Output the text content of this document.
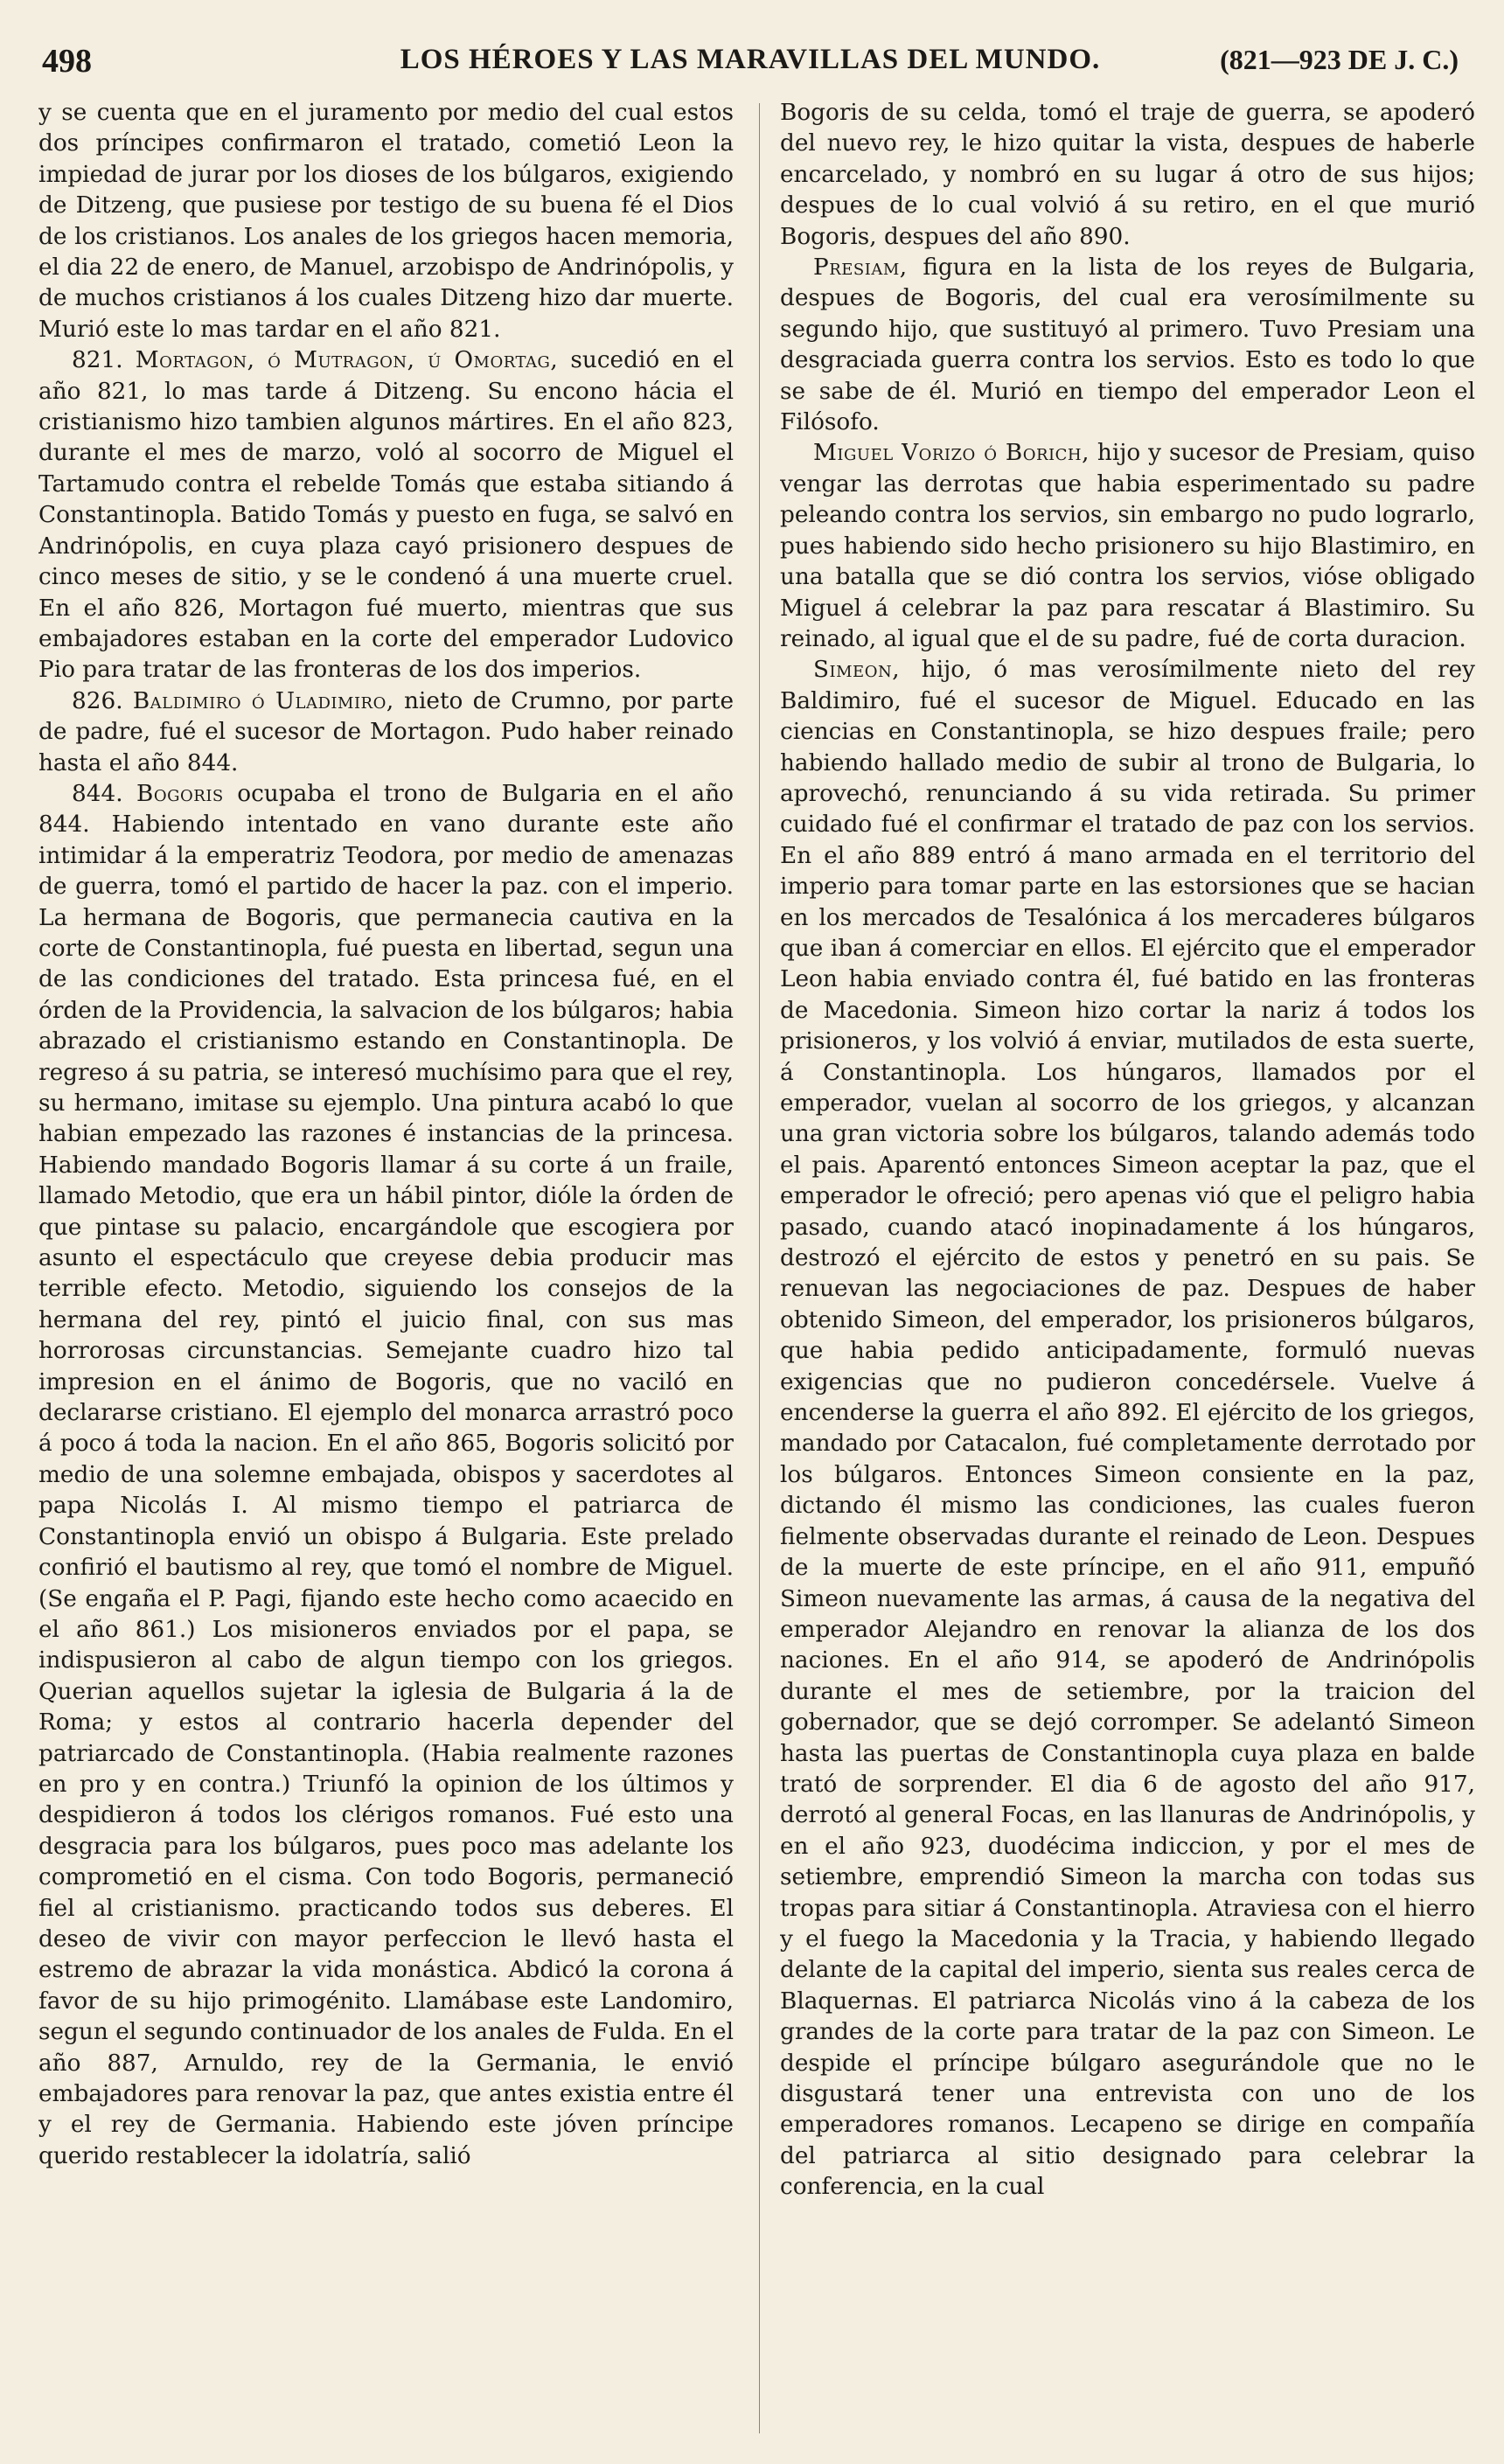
498	LOS HÉROES Y LAS MARAVILLAS DEL MUNDO.	(821—923 DE J. C.)

y se cuenta que en el juramento por medio del cual estos dos príncipes confirmaron el tratado, cometió Leon la impiedad de jurar por los dioses de los búlgaros, exigiendo de Ditzeng, que pusiese por testigo de su buena fé el Dios de los cristianos. Los anales de los griegos hacen memoria, el dia 22 de enero, de Manuel, arzobispo de Andrinópolis, y de muchos cristianos á los cuales Ditzeng hizo dar muerte. Murió este lo mas tardar en el año 821.

821. Mortagon, ó Mutragon, ú Omortag, sucedió en el año 821, lo mas tarde á Ditzeng. Su encono hácia el cristianismo hizo tambien algunos mártires. En el año 823, durante el mes de marzo, voló al socorro de Miguel el Tartamudo contra el rebelde Tomás que estaba sitiando á Constantinopla. Batido Tomás y puesto en fuga, se salvó en Andrinópolis, en cuya plaza cayó prisionero despues de cinco meses de sitio, y se le condenó á una muerte cruel. En el año 826, Mortagon fué muerto, mientras que sus embajadores estaban en la corte del emperador Ludovico Pio para tratar de las fronteras de los dos imperios.

826. Baldimiro ó Uladimiro, nieto de Crumno, por parte de padre, fué el sucesor de Mortagon. Pudo haber reinado hasta el año 844.

844. Bogoris ocupaba el trono de Bulgaria en el año 844. Habiendo intentado en vano durante este año intimidar á la emperatriz Teodora, por medio de amenazas de guerra, tomó el partido de hacer la paz. con el imperio. La hermana de Bogoris, que permanecia cautiva en la corte de Constantinopla, fué puesta en libertad, segun una de las condiciones del tratado. Esta princesa fué, en el órden de la Providencia, la salvacion de los búlgaros; habia abrazado el cristianismo estando en Constantinopla. De regreso á su patria, se interesó muchísimo para que el rey, su hermano, imitase su ejemplo. Una pintura acabó lo que habian empezado las razones é instancias de la princesa. Habiendo mandado Bogoris llamar á su corte á un fraile, llamado Metodio, que era un hábil pintor, dióle la órden de que pintase su palacio, encargándole que escogiera por asunto el espectáculo que creyese debia producir mas terrible efecto. Metodio, siguiendo los consejos de la hermana del rey, pintó el juicio final, con sus mas horrorosas circunstancias. Semejante cuadro hizo tal impresion en el ánimo de Bogoris, que no vaciló en declararse cristiano. El ejemplo del monarca arrastró poco á poco á toda la nacion. En el año 865, Bogoris solicitó por medio de una solemne embajada, obispos y sacerdotes al papa Nicolás I. Al mismo tiempo el patriarca de Constantinopla envió un obispo á Bulgaria. Este prelado confirió el bautismo al rey, que tomó el nombre de Miguel. (Se engaña el P. Pagi, fijando este hecho como acaecido en el año 861.) Los misioneros enviados por el papa, se indispusieron al cabo de algun tiempo con los griegos. Querian aquellos sujetar la iglesia de Bulgaria á la de Roma; y estos al contrario hacerla depender del patriarcado de Constantinopla. (Habia realmente razones en pro y en contra.) Triunfó la opinion de los últimos y despidieron á todos los clérigos romanos. Fué esto una desgracia para los búlgaros, pues poco mas adelante los comprometió en el cisma. Con todo Bogoris, permaneció fiel al cristianismo. practicando todos sus deberes. El deseo de vivir con mayor perfeccion le llevó hasta el estremo de abrazar la vida monástica. Abdicó la corona á favor de su hijo primogénito. Llamábase este Landomiro, segun el segundo continuador de los anales de Fulda. En el año 887, Arnuldo, rey de la Germania, le envió embajadores para renovar la paz, que antes existia entre él y el rey de Germania. Habiendo este jóven príncipe querido restablecer la idolatría, salió

Bogoris de su celda, tomó el traje de guerra, se apoderó del nuevo rey, le hizo quitar la vista, despues de haberle encarcelado, y nombró en su lugar á otro de sus hijos; despues de lo cual volvió á su retiro, en el que murió Bogoris, despues del año 890.

Presiam, figura en la lista de los reyes de Bulgaria, despues de Bogoris, del cual era verosímilmente su segundo hijo, que sustituyó al primero. Tuvo Presiam una desgraciada guerra contra los servios. Esto es todo lo que se sabe de él. Murió en tiempo del emperador Leon el Filósofo.

Miguel Vorizo ó Borich, hijo y sucesor de Presiam, quiso vengar las derrotas que habia esperimentado su padre peleando contra los servios, sin embargo no pudo lograrlo, pues habiendo sido hecho prisionero su hijo Blastimiro, en una batalla que se dió contra los servios, vióse obligado Miguel á celebrar la paz para rescatar á Blastimiro. Su reinado, al igual que el de su padre, fué de corta duracion.

Simeon, hijo, ó mas verosímilmente nieto del rey Baldimiro, fué el sucesor de Miguel. Educado en las ciencias en Constantinopla, se hizo despues fraile; pero habiendo hallado medio de subir al trono de Bulgaria, lo aprovechó, renunciando á su vida retirada. Su primer cuidado fué el confirmar el tratado de paz con los servios. En el año 889 entró á mano armada en el territorio del imperio para tomar parte en las estorsiones que se hacian en los mercados de Tesalónica á los mercaderes búlgaros que iban á comerciar en ellos. El ejército que el emperador Leon habia enviado contra él, fué batido en las fronteras de Macedonia. Simeon hizo cortar la nariz á todos los prisioneros, y los volvió á enviar, mutilados de esta suerte, á Constantinopla. Los húngaros, llamados por el emperador, vuelan al socorro de los griegos, y alcanzan una gran victoria sobre los búlgaros, talando además todo el pais. Aparentó entonces Simeon aceptar la paz, que el emperador le ofreció; pero apenas vió que el peligro habia pasado, cuando atacó inopinadamente á los húngaros, destrozó el ejército de estos y penetró en su pais. Se renuevan las negociaciones de paz. Despues de haber obtenido Simeon, del emperador, los prisioneros búlgaros, que habia pedido anticipadamente, formuló nuevas exigencias que no pudieron concedérsele. Vuelve á encenderse la guerra el año 892. El ejército de los griegos, mandado por Catacalon, fué completamente derrotado por los búlgaros. Entonces Simeon consiente en la paz, dictando él mismo las condiciones, las cuales fueron fielmente observadas durante el reinado de Leon. Despues de la muerte de este príncipe, en el año 911, empuñó Simeon nuevamente las armas, á causa de la negativa del emperador Alejandro en renovar la alianza de los dos naciones. En el año 914, se apoderó de Andrinópolis durante el mes de setiembre, por la traicion del gobernador, que se dejó corromper. Se adelantó Simeon hasta las puertas de Constantinopla cuya plaza en balde trató de sorprender. El dia 6 de agosto del año 917, derrotó al general Focas, en las llanuras de Andrinópolis, y en el año 923, duodécima indiccion, y por el mes de setiembre, emprendió Simeon la marcha con todas sus tropas para sitiar á Constantinopla. Atraviesa con el hierro y el fuego la Macedonia y la Tracia, y habiendo llegado delante de la capital del imperio, sienta sus reales cerca de Blaquernas. El patriarca Nicolás vino á la cabeza de los grandes de la corte para tratar de la paz con Simeon. Le despide el príncipe búlgaro asegurándole que no le disgustará tener una entrevista con uno de los emperadores romanos. Lecapeno se dirige en compañía del patriarca al sitio designado para celebrar la conferencia, en la cual
